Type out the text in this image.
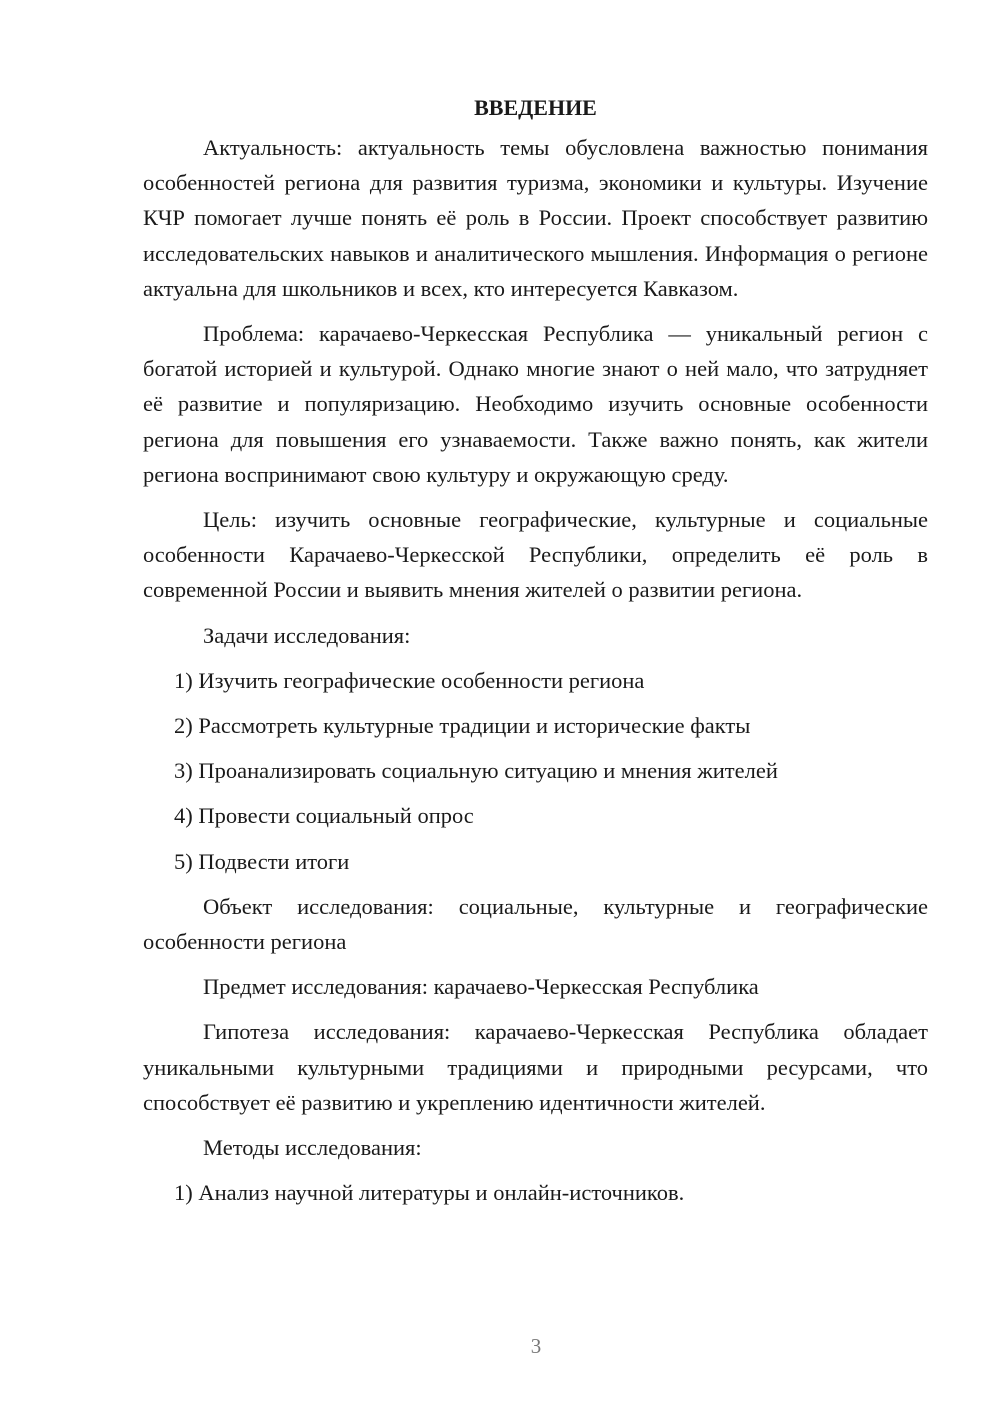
ВВЕДЕНИЕ

Актуальность: актуальность темы обусловлена важностью понимания особенностей региона для развития туризма, экономики и культуры. Изучение КЧР помогает лучше понять её роль в России. Проект способствует развитию исследовательских навыков и аналитического мышления. Информация о регионе актуальна для школьников и всех, кто интересуется Кавказом.

Проблема: карачаево-Черкесская Республика — уникальный регион с богатой историей и культурой. Однако многие знают о ней мало, что затрудняет её развитие и популяризацию. Необходимо изучить основные особенности региона для повышения его узнаваемости. Также важно понять, как жители региона воспринимают свою культуру и окружающую среду.

Цель: изучить основные географические, культурные и социальные особенности Карачаево-Черкесской Республики, определить её роль в современной России и выявить мнения жителей о развитии региона.

Задачи исследования:

1) Изучить географические особенности региона

2) Рассмотреть культурные традиции и исторические факты

3) Проанализировать социальную ситуацию и мнения жителей

4) Провести социальный опрос

5) Подвести итоги

Объект исследования: социальные, культурные и географические особенности региона

Предмет исследования: карачаево-Черкесская Республика

Гипотеза исследования: карачаево-Черкесская Республика обладает уникальными культурными традициями и природными ресурсами, что способствует её развитию и укреплению идентичности жителей.

Методы исследования:

1) Анализ научной литературы и онлайн-источников.

3
